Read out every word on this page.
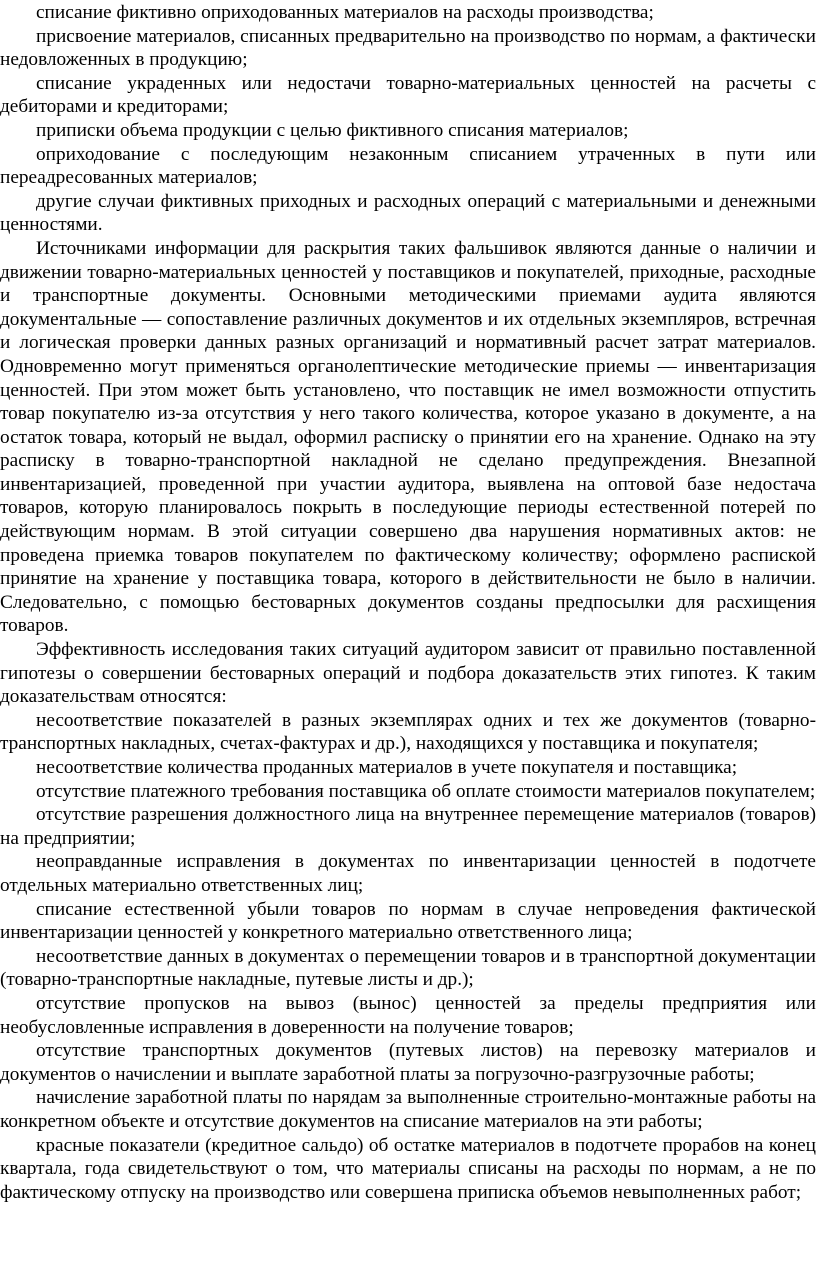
списание фиктивно оприходованных материалов на расходы производства;

присвоение материалов, списанных предварительно на производство по нормам, а фактически недовложенных в продукцию;

списание украденных или недостачи товарно-материальных ценностей на расчеты с дебиторами и кредиторами;

приписки объема продукции с целью фиктивного списания материалов;

оприходование с последующим незаконным списанием утраченных в пути или переадресованных материалов;

другие случаи фиктивных приходных и расходных операций с материальными и денежными ценностями.

Источниками информации для раскрытия таких фальшивок являются данные о наличии и движении товарно-материальных ценностей у поставщиков и покупателей, приходные, расходные и транспортные документы. Основными методическими приемами аудита являются документальные — сопоставление различных документов и их отдельных экземпляров, встречная и логическая проверки данных разных организаций и нормативный расчет затрат материалов. Одновременно могут применяться органолептические методические приемы — инвентаризация ценностей. При этом может быть установлено, что поставщик не имел возможности отпустить товар покупателю из-за отсутствия у него такого количества, которое указано в документе, а на остаток товара, который не выдал, оформил расписку о принятии его на хранение. Однако на эту расписку в товарно-транспортной накладной не сделано предупреждения. Внезапной инвентаризацией, проведенной при участии аудитора, выявлена на оптовой базе недостача товаров, которую планировалось покрыть в последующие периоды естественной потерей по действующим нормам. В этой ситуации совершено два нарушения нормативных актов: не проведена приемка товаров покупателем по фактическому количеству; оформлено распиской принятие на хранение у поставщика товара, которого в действительности не было в наличии. Следовательно, с помощью бестоварных документов созданы предпосылки для расхищения товаров.

Эффективность исследования таких ситуаций аудитором зависит от правильно поставленной гипотезы о совершении бестоварных операций и подбора доказательств этих гипотез. К таким доказательствам относятся:

несоответствие показателей в разных экземплярах одних и тех же документов (товарно-транспортных накладных, счетах-фактурах и др.), находящихся у поставщика и покупателя;

несоответствие количества проданных материалов в учете покупателя и поставщика;

отсутствие платежного требования поставщика об оплате стоимости материалов покупателем;

отсутствие разрешения должностного лица на внутреннее перемещение материалов (товаров) на предприятии;

неоправданные исправления в документах по инвентаризации ценностей в подотчете отдельных материально ответственных лиц;

списание естественной убыли товаров по нормам в случае непроведения фактической инвентаризации ценностей у конкретного материально ответственного лица;

несоответствие данных в документах о перемещении товаров и в транспортной документации (товарно-транспортные накладные, путевые листы и др.);

отсутствие пропусков на вывоз (вынос) ценностей за пределы предприятия или необусловленные исправления в доверенности на получение товаров;

отсутствие транспортных документов (путевых листов) на перевозку материалов и документов о начислении и выплате заработной платы за погрузочно-разгрузочные работы;

начисление заработной платы по нарядам за выполненные строительно-монтажные работы на конкретном объекте и отсутствие документов на списание материалов на эти работы;

красные показатели (кредитное сальдо) об остатке материалов в подотчете прорабов на конец квартала, года свидетельствуют о том, что материалы списаны на расходы по нормам, а не по фактическому отпуску на производство или совершена приписка объемов невыполненных работ;
